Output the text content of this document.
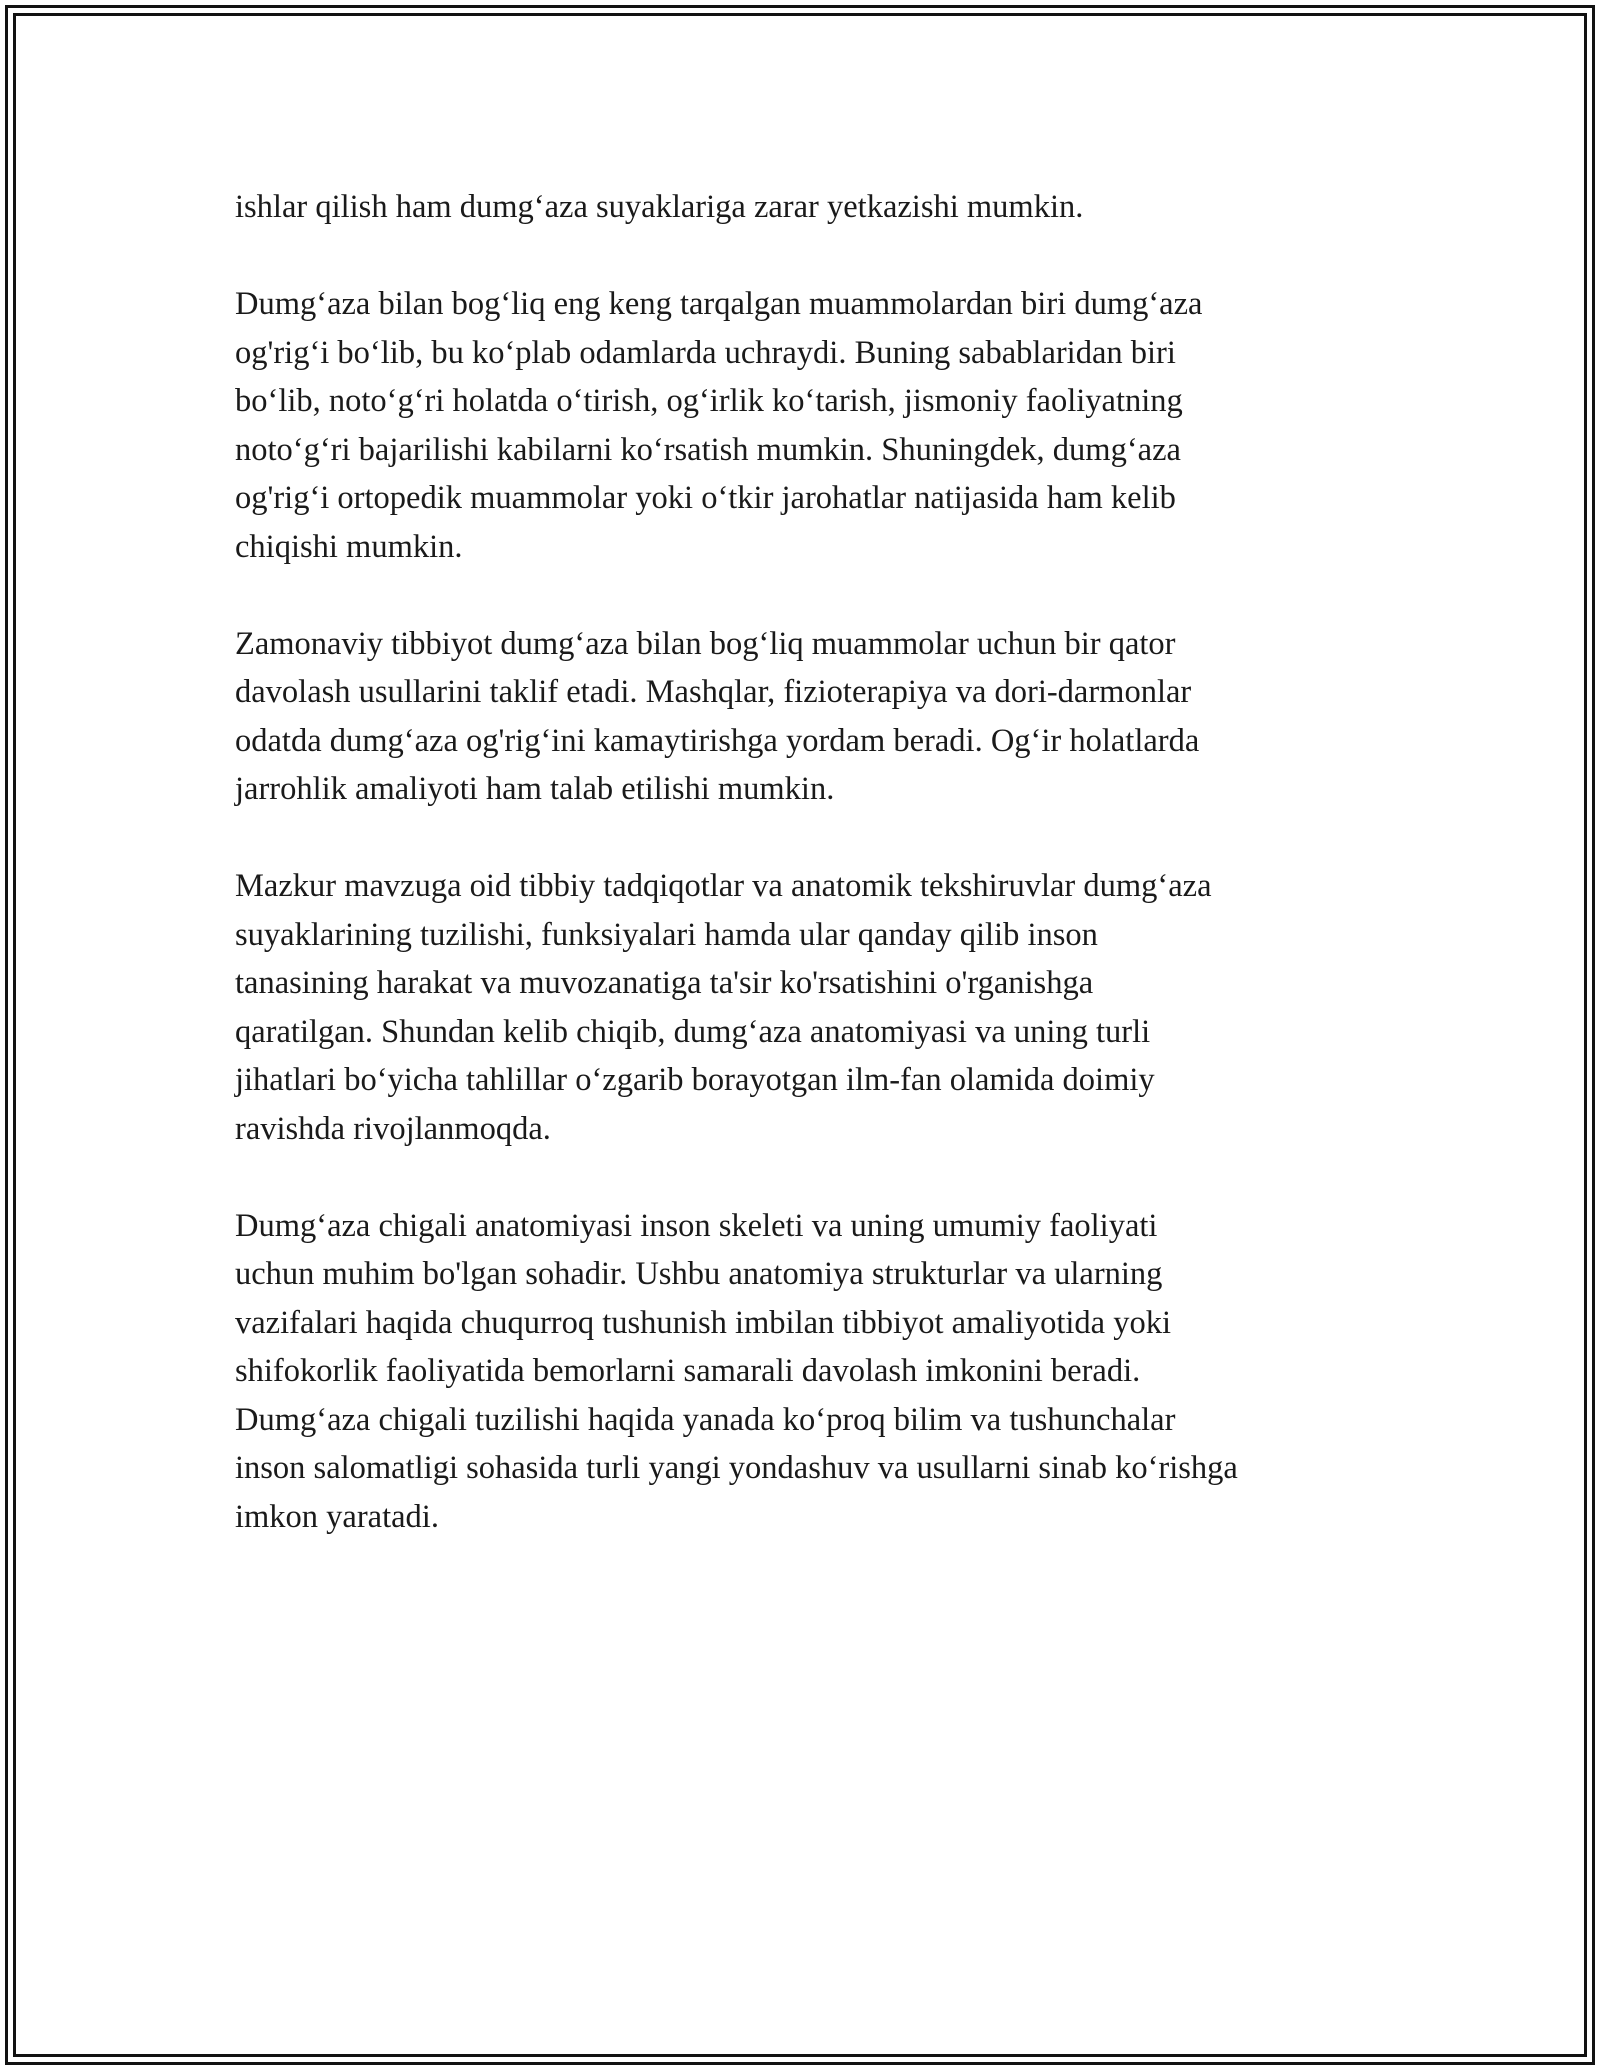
ishlar qilish ham dumg‘aza suyaklariga zarar yetkazishi mumkin.
Dumg‘aza bilan bog‘liq eng keng tarqalgan muammolardan biri dumg‘aza
og'rig‘i bo‘lib, bu ko‘plab odamlarda uchraydi. Buning sabablaridan biri
bo‘lib, noto‘g‘ri holatda o‘tirish, og‘irlik ko‘tarish, jismoniy faoliyatning
noto‘g‘ri bajarilishi kabilarni ko‘rsatish mumkin. Shuningdek, dumg‘aza
og'rig‘i ortopedik muammolar yoki o‘tkir jarohatlar natijasida ham kelib
chiqishi mumkin.
Zamonaviy tibbiyot dumg‘aza bilan bog‘liq muammolar uchun bir qator
davolash usullarini taklif etadi. Mashqlar, fizioterapiya va dori-darmonlar
odatda dumg‘aza og'rig‘ini kamaytirishga yordam beradi. Og‘ir holatlarda
jarrohlik amaliyoti ham talab etilishi mumkin.
Mazkur mavzuga oid tibbiy tadqiqotlar va anatomik tekshiruvlar dumg‘aza
suyaklarining tuzilishi, funksiyalari hamda ular qanday qilib inson
tanasining harakat va muvozanatiga ta'sir ko'rsatishini o'rganishga
qaratilgan. Shundan kelib chiqib, dumg‘aza anatomiyasi va uning turli
jihatlari bo‘yicha tahlillar o‘zgarib borayotgan ilm-fan olamida doimiy
ravishda rivojlanmoqda.
Dumg‘aza chigali anatomiyasi inson skeleti va uning umumiy faoliyati
uchun muhim bo'lgan sohadir. Ushbu anatomiya strukturlar va ularning
vazifalari haqida chuqurroq tushunish imbilan tibbiyot amaliyotida yoki
shifokorlik faoliyatida bemorlarni samarali davolash imkonini beradi.
Dumg‘aza chigali tuzilishi haqida yanada ko‘proq bilim va tushunchalar
inson salomatligi sohasida turli yangi yondashuv va usullarni sinab ko‘rishga
imkon yaratadi.
